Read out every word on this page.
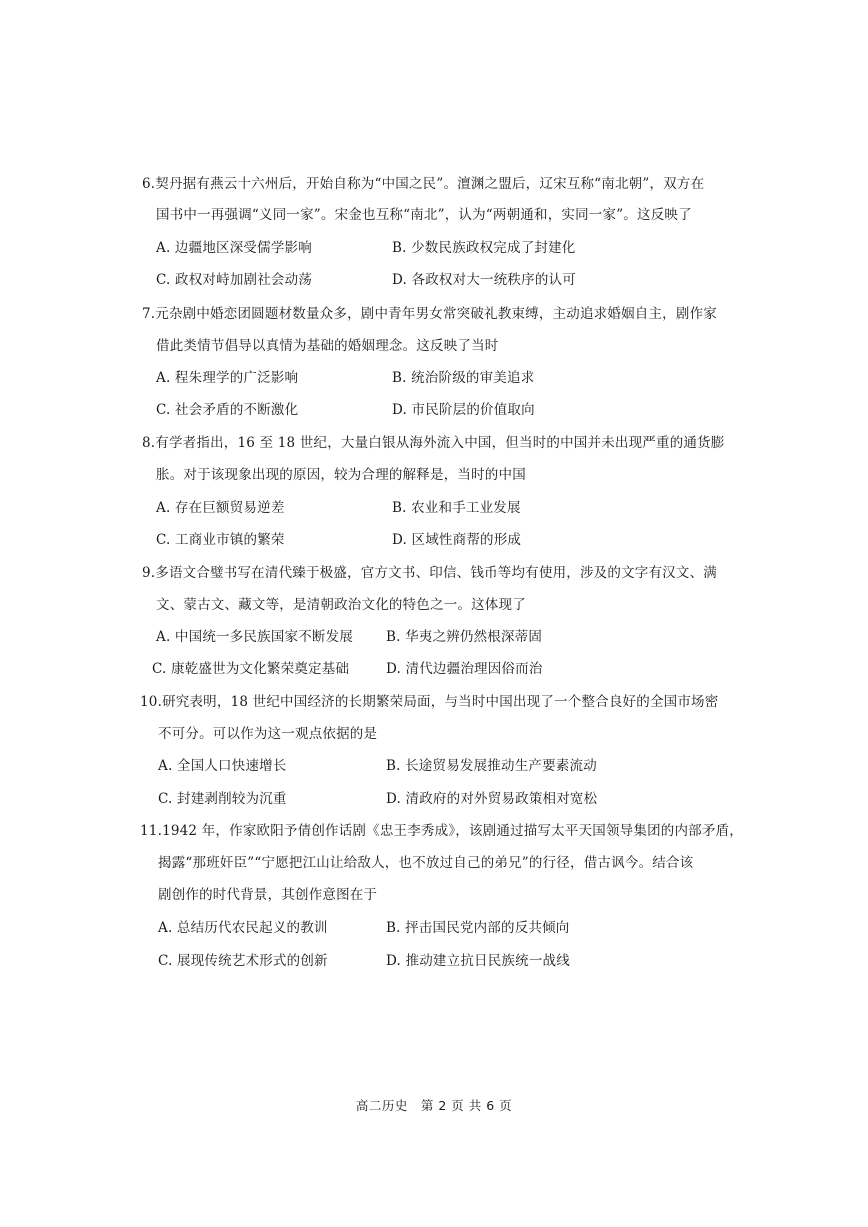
6.契丹据有燕云十六州后，开始自称为“中国之民”。澶渊之盟后，辽宋互称“南北朝”，双方在
国书中一再强调“义同一家”。宋金也互称“南北”，认为“两朝通和，实同一家”。这反映了
A. 边疆地区深受儒学影响	B. 少数民族政权完成了封建化
C. 政权对峙加剧社会动荡	D. 各政权对大一统秩序的认可
7.元杂剧中婚恋团圆题材数量众多，剧中青年男女常突破礼教束缚，主动追求婚姻自主，剧作家
借此类情节倡导以真情为基础的婚姻理念。这反映了当时
A. 程朱理学的广泛影响	B. 统治阶级的审美追求
C. 社会矛盾的不断激化	D. 市民阶层的价值取向
8.有学者指出，16 至 18 世纪，大量白银从海外流入中国，但当时的中国并未出现严重的通货膨
胀。对于该现象出现的原因，较为合理的解释是，当时的中国
A. 存在巨额贸易逆差	B. 农业和手工业发展
C. 工商业市镇的繁荣	D. 区域性商帮的形成
9.多语文合璧书写在清代臻于极盛，官方文书、印信、钱币等均有使用，涉及的文字有汉文、满
文、蒙古文、藏文等，是清朝政治文化的特色之一。这体现了
A. 中国统一多民族国家不断发展 B. 华夷之辨仍然根深蒂固
C. 康乾盛世为文化繁荣奠定基础	D. 清代边疆治理因俗而治
10.研究表明，18 世纪中国经济的长期繁荣局面，与当时中国出现了一个整合良好的全国市场密
不可分。可以作为这一观点依据的是
A. 全国人口快速增长	B. 长途贸易发展推动生产要素流动
C. 封建剥削较为沉重	D. 清政府的对外贸易政策相对宽松
11.1942 年，作家欧阳予倩创作话剧《忠王李秀成》，该剧通过描写太平天国领导集团的内部矛盾，
揭露“那班奸臣”“宁愿把江山让给敌人，也不放过自己的弟兄”的行径，借古讽今。结合该
剧创作的时代背景，其创作意图在于
A. 总结历代农民起义的教训	B. 抨击国民党内部的反共倾向
C. 展现传统艺术形式的创新	D. 推动建立抗日民族统一战线
高二历史　第 2 页 共 6 页
